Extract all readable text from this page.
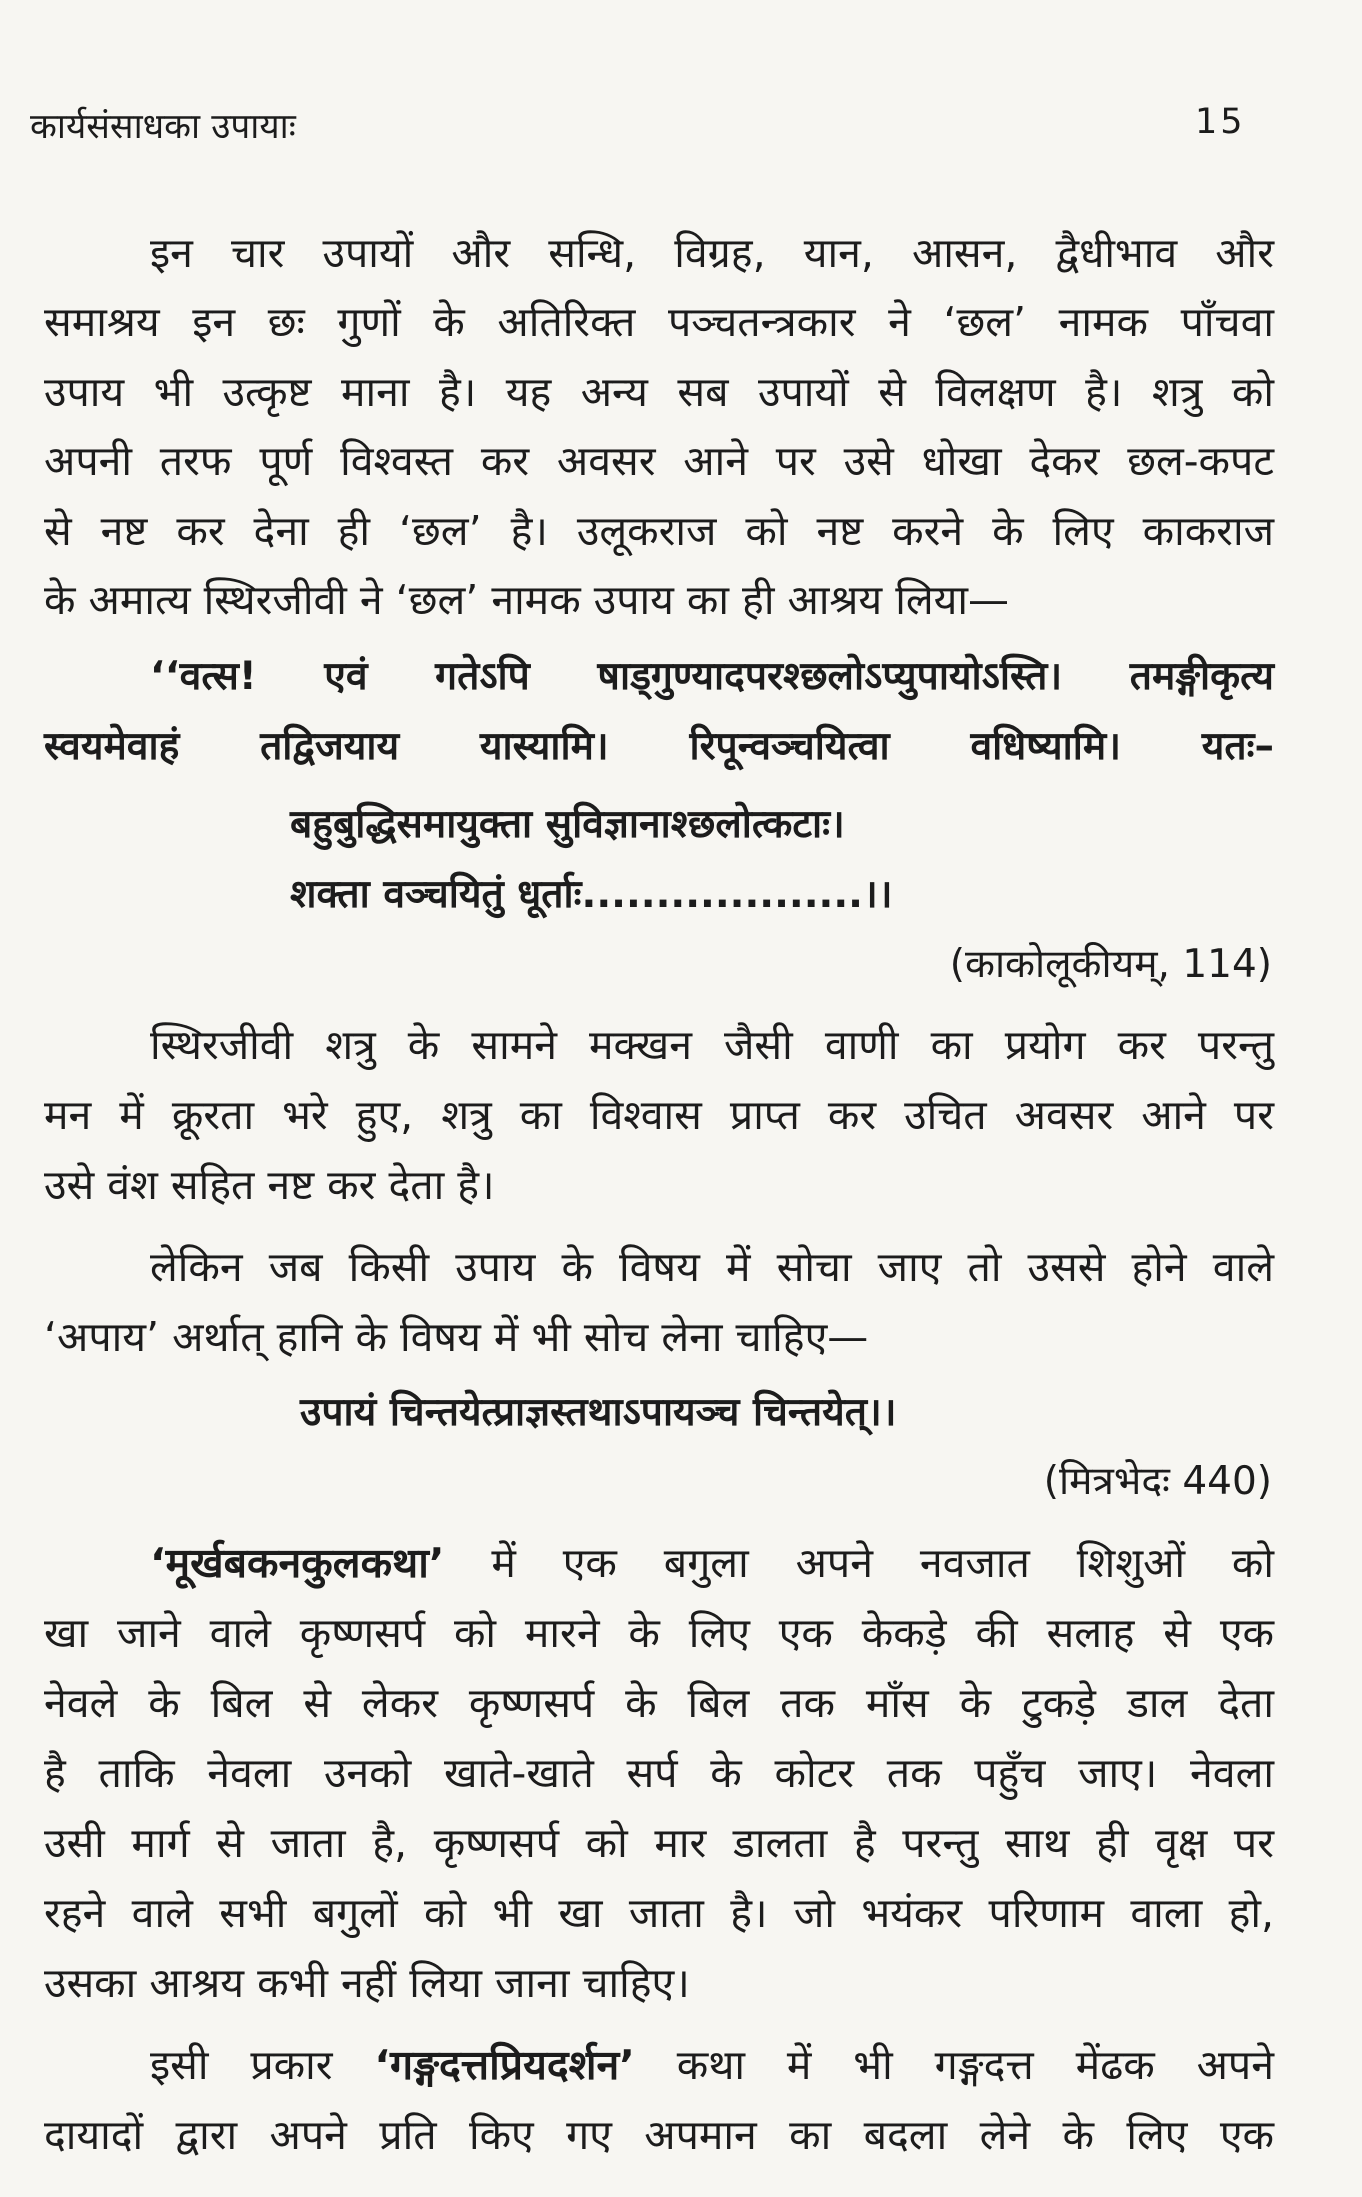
कार्यसंसाधका उपायाः	15
इन चार उपायों और सन्धि, विग्रह, यान, आसन, द्वैधीभाव और
समाश्रय इन छः गुणों के अतिरिक्त पञ्चतन्त्रकार ने ‘छल’ नामक पाँचवा
उपाय भी उत्कृष्ट माना है। यह अन्य सब उपायों से विलक्षण है। शत्रु को
अपनी तरफ पूर्ण विश्वस्त कर अवसर आने पर उसे धोखा देकर छल-कपट
से नष्ट कर देना ही ‘छल’ है। उलूकराज को नष्ट करने के लिए काकराज
के अमात्य स्थिरजीवी ने ‘छल’ नामक उपाय का ही आश्रय लिया—
‘‘वत्स! एवं गतेऽपि षाड्गुण्यादपरश्छलोऽप्युपायोऽस्ति। तमङ्गीकृत्य
स्वयमेवाहं तद्विजयाय यास्यामि। रिपून्वञ्चयित्वा वधिष्यामि। यतः–
बहुबुद्धिसमायुक्ता सुविज्ञानाश्छलोत्कटाः।
शक्ता वञ्चयितुं धूर्ताः...................।।
(काकोलूकीयम्, 114)
स्थिरजीवी शत्रु के सामने मक्खन जैसी वाणी का प्रयोग कर परन्तु
मन में क्रूरता भरे हुए, शत्रु का विश्वास प्राप्त कर उचित अवसर आने पर
उसे वंश सहित नष्ट कर देता है।
लेकिन जब किसी उपाय के विषय में सोचा जाए तो उससे होने वाले
‘अपाय’ अर्थात् हानि के विषय में भी सोच लेना चाहिए—
उपायं चिन्तयेत्प्राज्ञस्तथाऽपायञ्च चिन्तयेत्।।
(मित्रभेदः 440)
‘मूर्खबकनकुलकथा’ में एक बगुला अपने नवजात शिशुओं को
खा जाने वाले कृष्णसर्प को मारने के लिए एक केकड़े की सलाह से एक
नेवले के बिल से लेकर कृष्णसर्प के बिल तक माँस के टुकड़े डाल देता
है ताकि नेवला उनको खाते-खाते सर्प के कोटर तक पहुँच जाए। नेवला
उसी मार्ग से जाता है, कृष्णसर्प को मार डालता है परन्तु साथ ही वृक्ष पर
रहने वाले सभी बगुलों को भी खा जाता है। जो भयंकर परिणाम वाला हो,
उसका आश्रय कभी नहीं लिया जाना चाहिए।
इसी प्रकार ‘गङ्गदत्तप्रियदर्शन’ कथा में भी गङ्गदत्त मेंढक अपने
दायादों द्वारा अपने प्रति किए गए अपमान का बदला लेने के लिए एक
